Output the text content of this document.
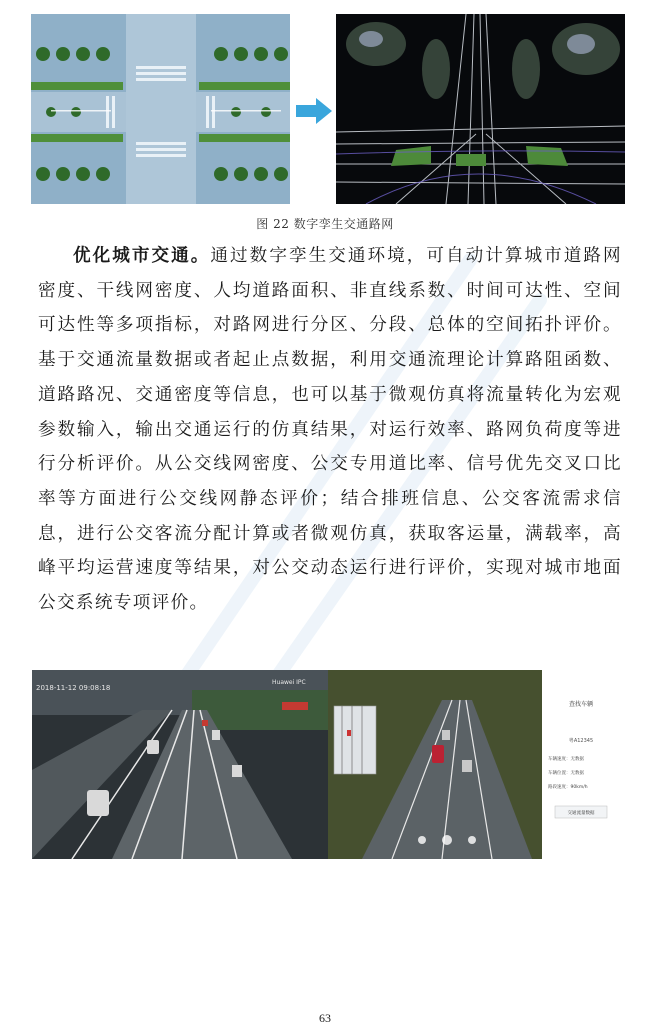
图 22 数字孪生交通路网

优化城市交通。通过数字孪生交通环境，可自动计算城市道路网密度、干线网密度、人均道路面积、非直线系数、时间可达性、空间可达性等多项指标，对路网进行分区、分段、总体的空间拓扑评价。基于交通流量数据或者起止点数据，利用交通流理论计算路阻函数、道路路况、交通密度等信息，也可以基于微观仿真将流量转化为宏观参数输入，输出交通运行的仿真结果，对运行效率、路网负荷度等进行分析评价。从公交线网密度、公交专用道比率、信号优先交叉口比率等方面进行公交线网静态评价；结合排班信息、公交客流需求信息，进行公交客流分配计算或者微观仿真，获取客运量，满载率，高峰平均运营速度等结果，对公交动态运行进行评价，实现对城市地面公交系统专项评价。

2018-11-12 09:08:18
Huawei IPC
查找车辆
粤A12345
车辆速度：无数据
车辆位置：无数据
路段速度：90km/h
交通流量数据
63
